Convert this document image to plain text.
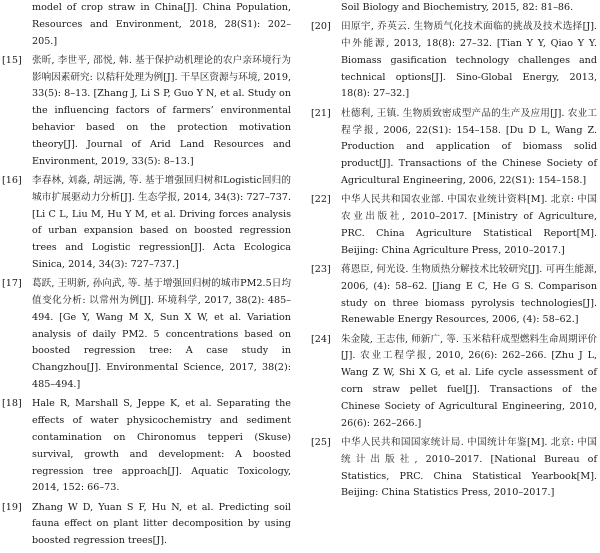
model of crop straw in China[J]. China Population, Resources and Environment, 2018, 28(S1): 202–205.]
[15]	张昕, 李世平, 邵悦, 韩. 基于保护动机理论的农户亲环境行为影响因素研究: 以秸秆处理为例[J]. 干旱区资源与环境, 2019, 33(5): 8–13. [Zhang J, Li S P, Guo Y N, et al. Study on the influencing factors of farmers’ environmental behavior based on the protection motivation theory[J]. Journal of Arid Land Resources and Environment, 2019, 33(5): 8–13.]
[16]	李春林, 刘淼, 胡远满, 等. 基于增强回归树和Logistic回归的城市扩展驱动力分析[J]. 生态学报, 2014, 34(3): 727–737. [Li C L, Liu M, Hu Y M, et al. Driving forces analysis of urban expansion based on boosted regression trees and Logistic regression[J]. Acta Ecologica Sinica, 2014, 34(3): 727–737.]
[17]	葛跃, 王明新, 孙向武, 等. 基于增强回归树的城市PM2.5日均值变化分析: 以常州为例[J]. 环境科学, 2017, 38(2): 485–494. [Ge Y, Wang M X, Sun X W, et al. Variation analysis of daily PM2. 5 concentrations based on boosted regression tree: A case study in Changzhou[J]. Environmental Science, 2017, 38(2): 485–494.]
[18]	Hale R, Marshall S, Jeppe K, et al. Separating the effects of water physicochemistry and sediment contamination on Chironomus tepperi (Skuse) survival, growth and development: A boosted regression tree approach[J]. Aquatic Toxicology, 2014, 152: 66–73.
[19]	Zhang W D, Yuan S F, Hu N, et al. Predicting soil fauna effect on plant litter decomposition by using boosted regression trees[J].
Soil Biology and Biochemistry, 2015, 82: 81–86.
[20]	田原宇, 乔英云. 生物质气化技术面临的挑战及技术选择[J]. 中外能源, 2013, 18(8): 27–32. [Tian Y Y, Qiao Y Y. Biomass gasification technology challenges and technical options[J]. Sino-Global Energy, 2013, 18(8): 27–32.]
[21]	杜德利, 王镇. 生物质致密成型产品的生产及应用[J]. 农业工程学报, 2006, 22(S1): 154–158. [Du D L, Wang Z. Production and application of biomass solid product[J]. Transactions of the Chinese Society of Agricultural Engineering, 2006, 22(S1): 154–158.]
[22]	中华人民共和国农业部. 中国农业统计资料[M]. 北京: 中国农业出版社, 2010–2017. [Ministry of Agriculture, PRC. China Agriculture Statistical Report[M]. Beijing: China Agriculture Press, 2010–2017.]
[23]	蒋恩臣, 何光设. 生物质热分解技术比较研究[J]. 可再生能源, 2006, (4): 58–62. [Jiang E C, He G S. Comparison study on three biomass pyrolysis technologies[J]. Renewable Energy Resources, 2006, (4): 58–62.]
[24]	朱金陵, 王志伟, 师新广, 等. 玉米秸秆成型燃料生命周期评价[J]. 农业工程学报, 2010, 26(6): 262–266. [Zhu J L, Wang Z W, Shi X G, et al. Life cycle assessment of corn straw pellet fuel[J]. Transactions of the Chinese Society of Agricultural Engineering, 2010, 26(6): 262–266.]
[25]	中华人民共和国国家统计局. 中国统计年鉴[M]. 北京: 中国统计出版社, 2010–2017. [National Bureau of Statistics, PRC. China Statistical Yearbook[M]. Beijing: China Statistics Press, 2010–2017.]
